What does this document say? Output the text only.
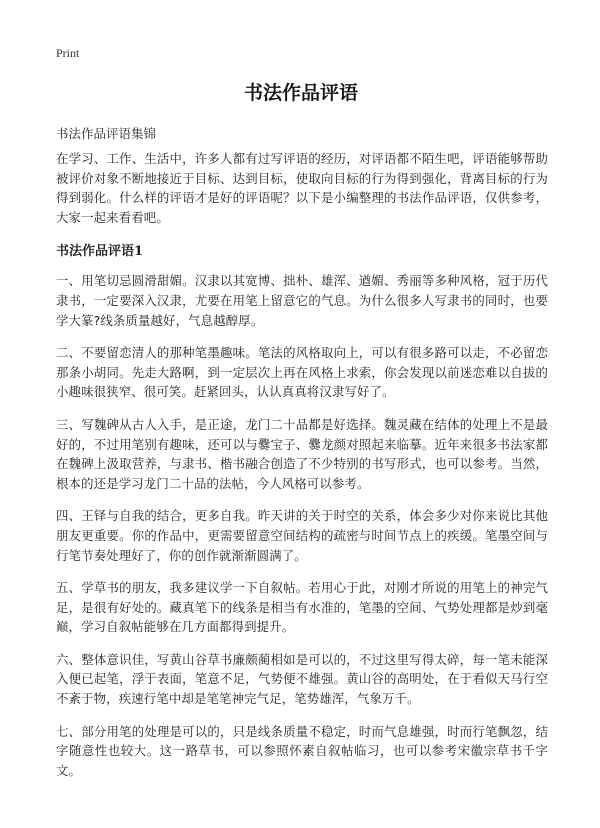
Print
书法作品评语

书法作品评语集锦

在学习、工作、生活中，许多人都有过写评语的经历，对评语都不陌生吧，评语能够帮助被评价对象不断地接近于目标、达到目标，使取向目标的行为得到强化，背离目标的行为得到弱化。什么样的评语才是好的评语呢？以下是小编整理的书法作品评语，仅供参考，大家一起来看看吧。

书法作品评语1

一、用笔切忌圆滑甜媚。汉隶以其宽博、拙朴、雄浑、遒媚、秀丽等多种风格，冠于历代隶书，一定要深入汉隶，尤要在用笔上留意它的气息。为什么很多人写隶书的同时，也要学大篆?线条质量越好，气息越醇厚。

二、不要留恋清人的那种笔墨趣味。笔法的风格取向上，可以有很多路可以走，不必留恋那条小胡同。先走大路啊，到一定层次上再在风格上求索，你会发现以前迷恋难以自拔的小趣味很狭窄、很可笑。赶紧回头，认认真真将汉隶写好了。

三、写魏碑从古人入手，是正途，龙门二十品都是好选择。魏灵藏在结体的处理上不是最好的，不过用笔别有趣味，还可以与爨宝子、爨龙颜对照起来临摹。近年来很多书法家都在魏碑上汲取营养，与隶书、楷书融合创造了不少特别的书写形式，也可以参考。当然，根本的还是学习龙门二十品的法帖，今人风格可以参考。

四、王铎与自我的结合，更多自我。昨天讲的关于时空的关系，体会多少对你来说比其他朋友更重要。你的作品中，更需要留意空间结构的疏密与时间节点上的疾缓。笔墨空间与行笔节奏处理好了，你的创作就渐渐圆满了。

五、学草书的朋友，我多建议学一下自叙帖。若用心于此，对刚才所说的用笔上的神完气足，是很有好处的。藏真笔下的线条是相当有水准的，笔墨的空间、气势处理都是炒到毫巅，学习自叙帖能够在几方面都得到提升。

六、整体意识佳，写黄山谷草书廉颇蔺相如是可以的，不过这里写得太碎，每一笔未能深入便已起笔，浮于表面，笔意不足，气势便不雄强。黄山谷的高明处，在于看似天马行空不紊于物，疾速行笔中却是笔笔神完气足，笔势雄浑，气象万千。

七、部分用笔的处理是可以的，只是线条质量不稳定，时而气息雄强，时而行笔飘忽，结字随意性也较大。这一路草书，可以参照怀素自叙帖临习，也可以参考宋徽宗草书千字文。
